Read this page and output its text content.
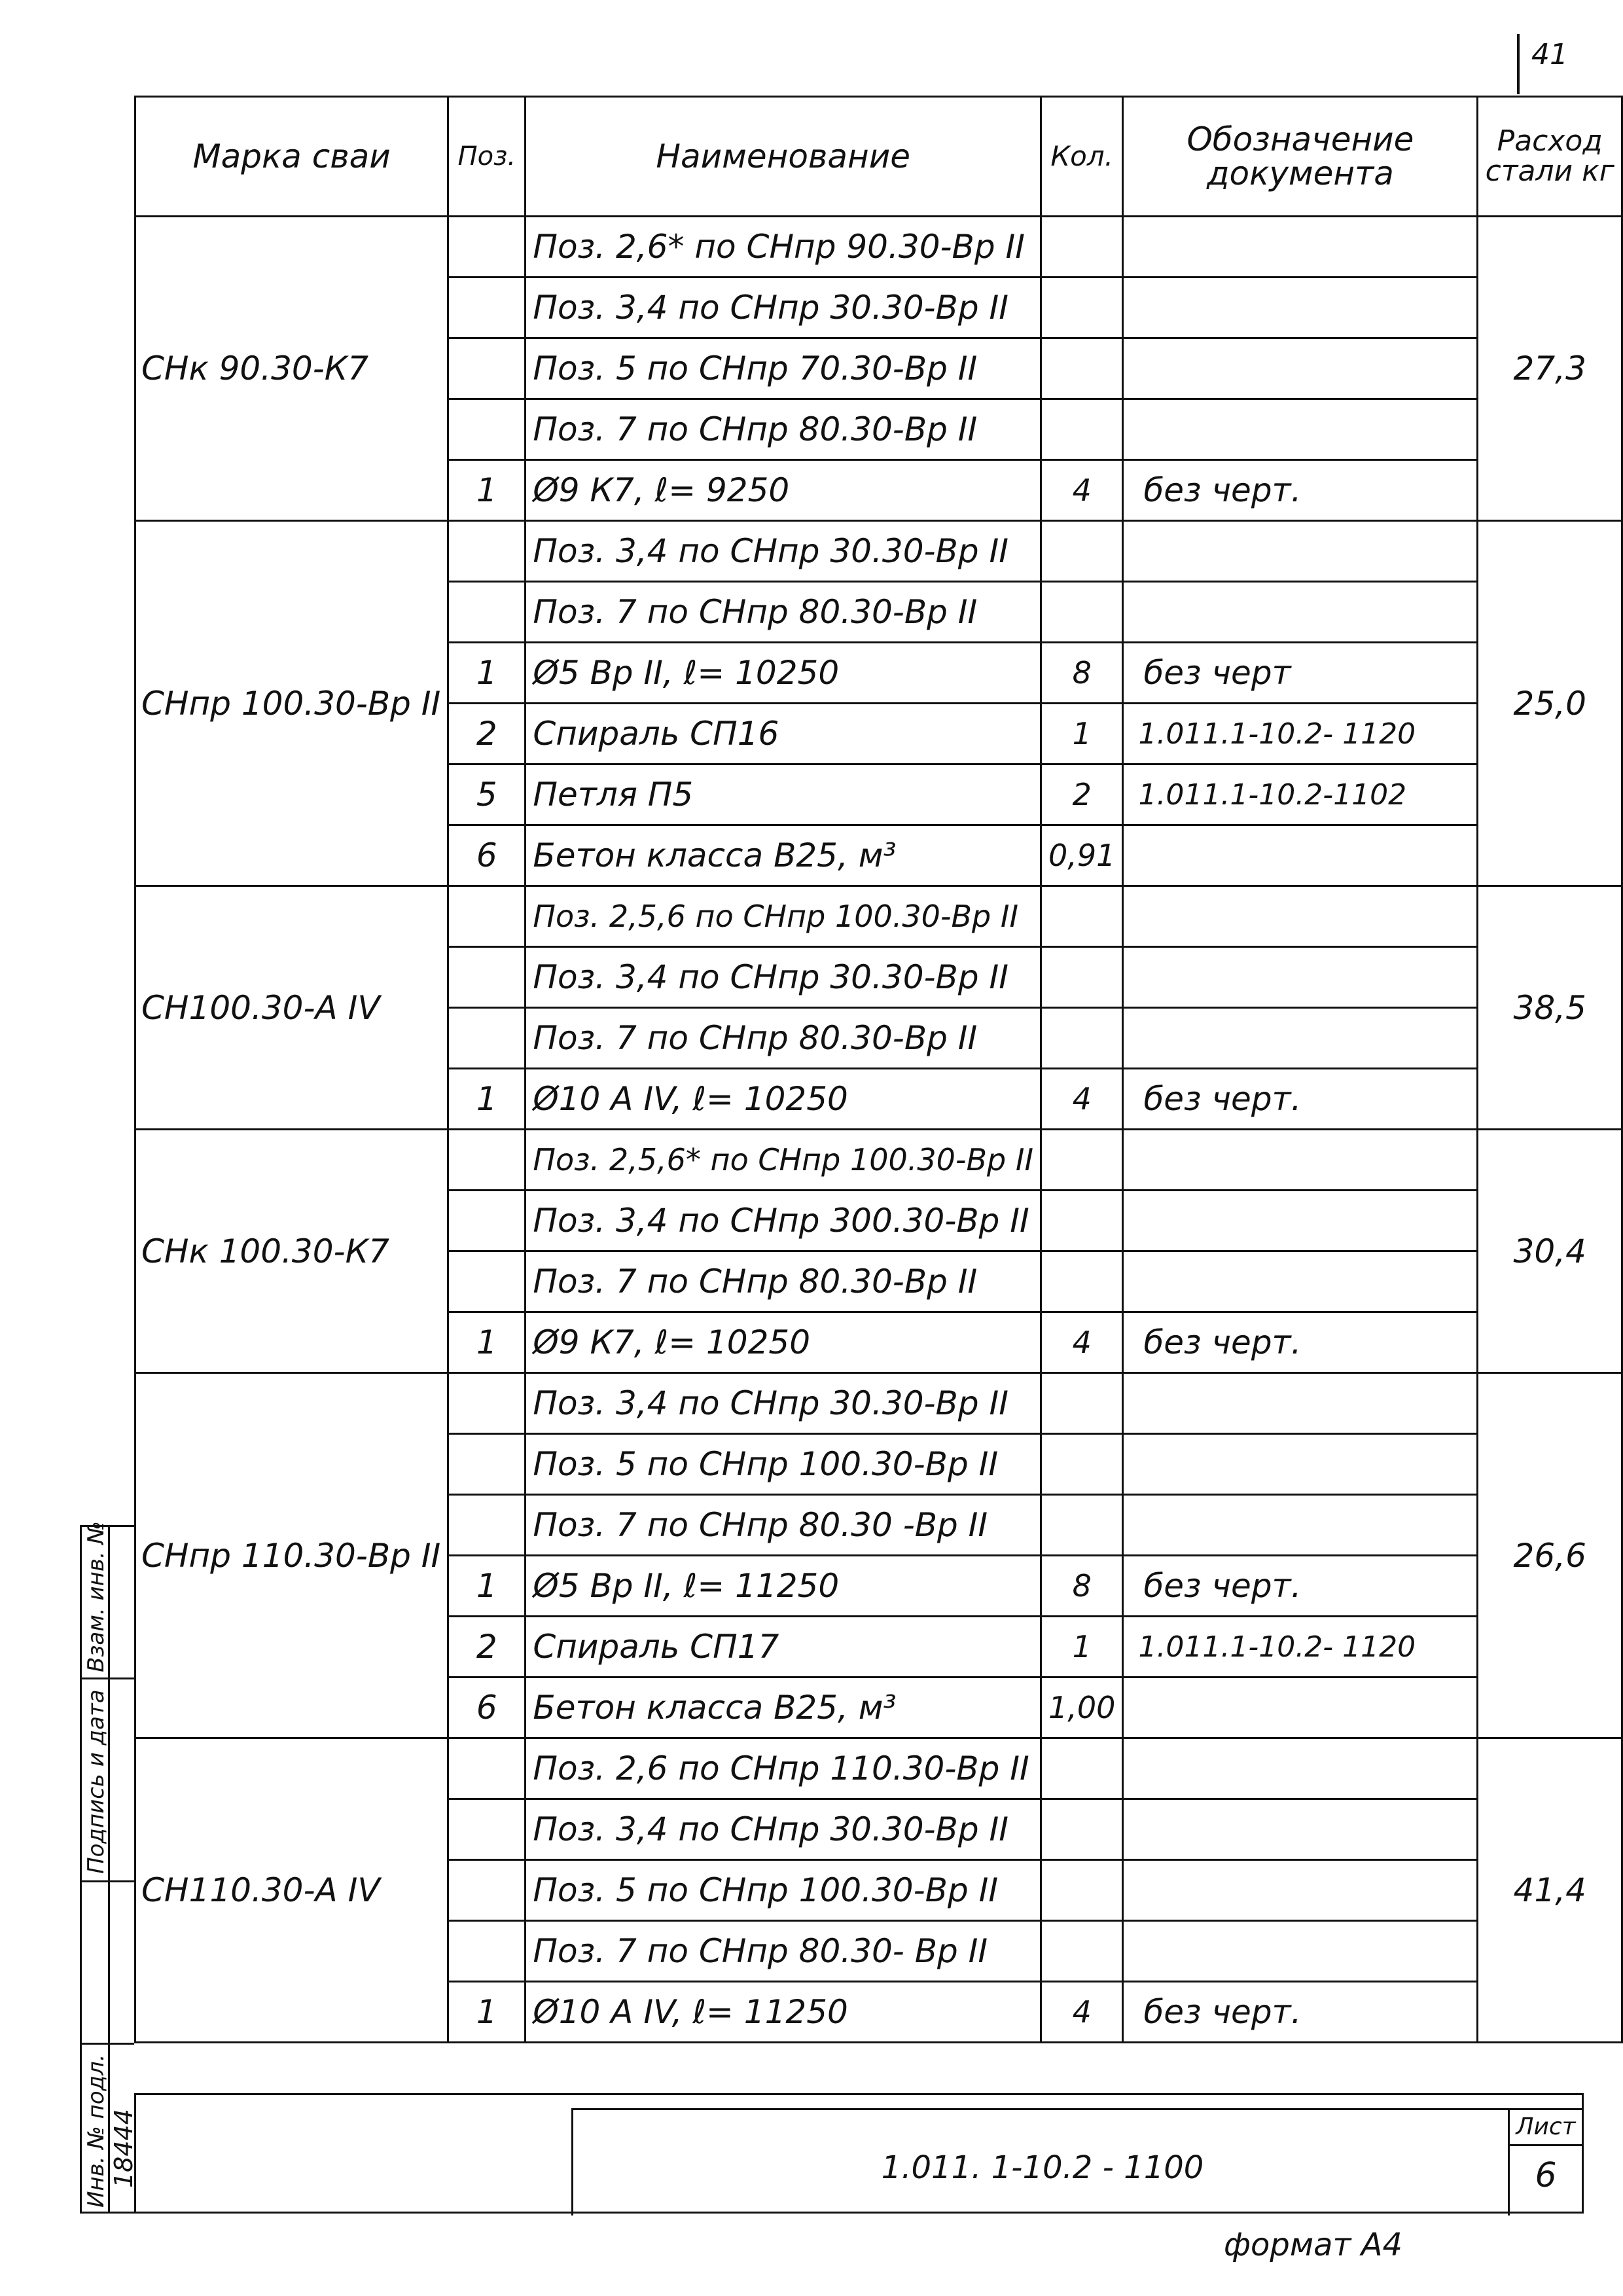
41
Марка сваи	Поз.	Наименование	Кол.	Обозначение документа	Расход стали кг
СНк 90.30-К7		Поз. 2,6* по СНпр 90.30-Вр II			27,3
		Поз. 3,4 по СНпр 30.30-Вр II			
		Поз. 5 по СНпр 70.30-Вр II			
		Поз. 7 по СНпр 80.30-Вр II			
	1	Ø9 К7, ℓ= 9250	4	без черт.	
СНпр 100.30-Вр II		Поз. 3,4 по СНпр 30.30-Вр II			25,0
		Поз. 7 по СНпр 80.30-Вр II			
	1	Ø5 Вр II, ℓ= 10250	8	без черт	
	2	Спираль СП16	1	1.011.1-10.2- 1120	
	5	Петля П5	2	1.011.1-10.2-1102	
	6	Бетон класса В25, м³	0,91		
СН100.30-А IV		Поз. 2,5,6 по СНпр 100.30-Вр II			38,5
		Поз. 3,4 по СНпр 30.30-Вр II			
		Поз. 7 по СНпр 80.30-Вр II			
	1	Ø10 А IV, ℓ= 10250	4	без черт.	
СНк 100.30-К7		Поз. 2,5,6* по СНпр 100.30-Вр II			30,4
		Поз. 3,4 по СНпр 300.30-Вр II			
		Поз. 7 по СНпр 80.30-Вр II			
	1	Ø9 К7, ℓ= 10250	4	без черт.	
СНпр 110.30-Вр II		Поз. 3,4 по СНпр 30.30-Вр II			26,6
		Поз. 5 по СНпр 100.30-Вр II			
		Поз. 7 по СНпр 80.30 -Вр II			
	1	Ø5 Вр II, ℓ= 11250	8	без черт.	
	2	Спираль СП17	1	1.011.1-10.2- 1120	
	6	Бетон класса В25, м³	1,00		
СН110.30-А IV		Поз. 2,6 по СНпр 110.30-Вр II			41,4
		Поз. 3,4 по СНпр 30.30-Вр II			
		Поз. 5 по СНпр 100.30-Вр II			
		Поз. 7 по СНпр 80.30- Вр II			
	1	Ø10 А IV, ℓ= 11250	4	без черт.	
Взам. инв. №
Подпись и дата
Инв. № подл. 18444	1.011. 1-10.2 - 1100
Лист
6
формат А4
